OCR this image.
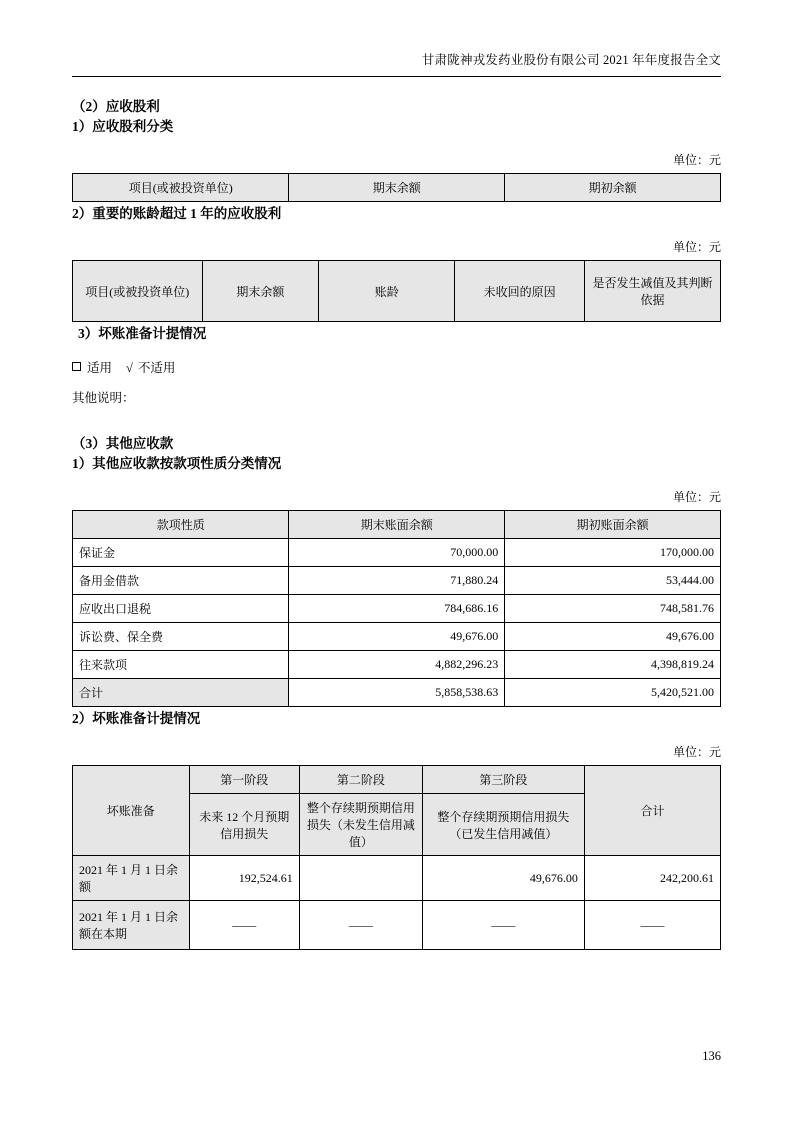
甘肃陇神戎发药业股份有限公司 2021 年年度报告全文
（2）应收股利
1）应收股利分类
单位：元
项目(或被投资单位)	期末余额	期初余额
2）重要的账龄超过 1 年的应收股利
单位：元
项目(或被投资单位)	期末余额	账龄	未收回的原因	是否发生减值及其判断依据
3）坏账准备计提情况
适用 √ 不适用

其他说明：

（3）其他应收款
1）其他应收款按款项性质分类情况
单位：元
款项性质	期末账面余额	期初账面余额
保证金	70,000.00	170,000.00
备用金借款	71,880.24	53,444.00
应收出口退税	784,686.16	748,581.76
诉讼费、保全费	49,676.00	49,676.00
往来款项	4,882,296.23	4,398,819.24
合计	5,858,538.63	5,420,521.00
2）坏账准备计提情况
单位：元
坏账准备	第一阶段	第二阶段	第三阶段	合计
	未来 12 个月预期信用损失	整个存续期预期信用损失（未发生信用减值）	整个存续期预期信用损失（已发生信用减值）	
2021 年 1 月 1 日余额	192,524.61		49,676.00	242,200.61
2021 年 1 月 1 日余额在本期	——	——	——	——
136
